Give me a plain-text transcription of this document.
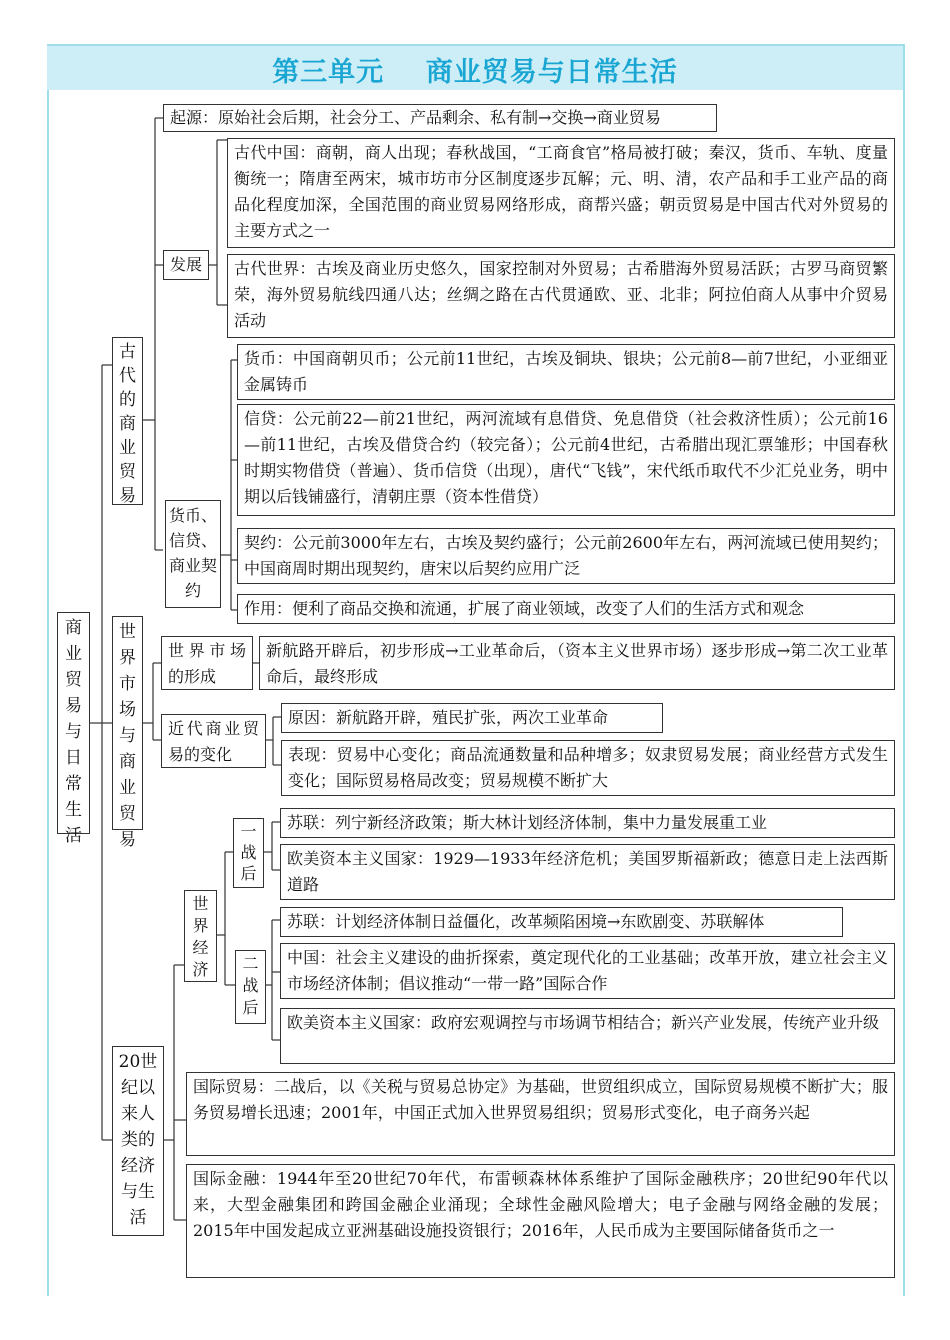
第三单元    商业贸易与日常生活
商业贸易与日常生活
古代的商业贸易
起源：原始社会后期，社会分工、产品剩余、私有制→交换→商业贸易
发展
古代中国：商朝，商人出现；春秋战国，“工商食官”格局被打破；秦汉，货币、车轨、度量衡统一；隋唐至两宋，城市坊市分区制度逐步瓦解；元、明、清，农产品和手工业产品的商品化程度加深，全国范围的商业贸易网络形成，商帮兴盛；朝贡贸易是中国古代对外贸易的主要方式之一
古代世界：古埃及商业历史悠久，国家控制对外贸易；古希腊海外贸易活跃；古罗马商贸繁荣，海外贸易航线四通八达；丝绸之路在古代贯通欧、亚、北非；阿拉伯商人从事中介贸易活动
货币、信贷、商业契约
货币：中国商朝贝币；公元前11世纪，古埃及铜块、银块；公元前8—前7世纪，小亚细亚金属铸币
信贷：公元前22—前21世纪，两河流域有息借贷、免息借贷（社会救济性质）；公元前16—前11世纪，古埃及借贷合约（较完备）；公元前4世纪，古希腊出现汇票雏形；中国春秋时期实物借贷（普遍）、货币信贷（出现），唐代“飞钱”，宋代纸币取代不少汇兑业务，明中期以后钱铺盛行，清朝庄票（资本性借贷）
契约：公元前3000年左右，古埃及契约盛行；公元前2600年左右，两河流域已使用契约；中国商周时期出现契约，唐宋以后契约应用广泛
作用：便利了商品交换和流通，扩展了商业领域，改变了人们的生活方式和观念
世界市场与商业贸易
世界市场的形成
新航路开辟后，初步形成→工业革命后，（资本主义世界市场）逐步形成→第二次工业革命后，最终形成
近代商业贸易的变化
原因：新航路开辟，殖民扩张，两次工业革命
表现：贸易中心变化；商品流通数量和品种增多；奴隶贸易发展；商业经营方式发生变化；国际贸易格局改变；贸易规模不断扩大
20世纪以来人类的经济与生活
世界经济
一战后
苏联：列宁新经济政策；斯大林计划经济体制，集中力量发展重工业
欧美资本主义国家：1929—1933年经济危机；美国罗斯福新政；德意日走上法西斯道路
二战后
苏联：计划经济体制日益僵化，改革频陷困境→东欧剧变、苏联解体
中国：社会主义建设的曲折探索，奠定现代化的工业基础；改革开放，建立社会主义市场经济体制；倡议推动“一带一路”国际合作
欧美资本主义国家：政府宏观调控与市场调节相结合；新兴产业发展，传统产业升级
国际贸易：二战后，以《关税与贸易总协定》为基础，世贸组织成立，国际贸易规模不断扩大；服务贸易增长迅速；2001年，中国正式加入世界贸易组织；贸易形式变化，电子商务兴起
国际金融：1944年至20世纪70年代，布雷顿森林体系维护了国际金融秩序；20世纪90年代以来，大型金融集团和跨国金融企业涌现；全球性金融风险增大；电子金融与网络金融的发展；2015年中国发起成立亚洲基础设施投资银行；2016年，人民币成为主要国际储备货币之一
